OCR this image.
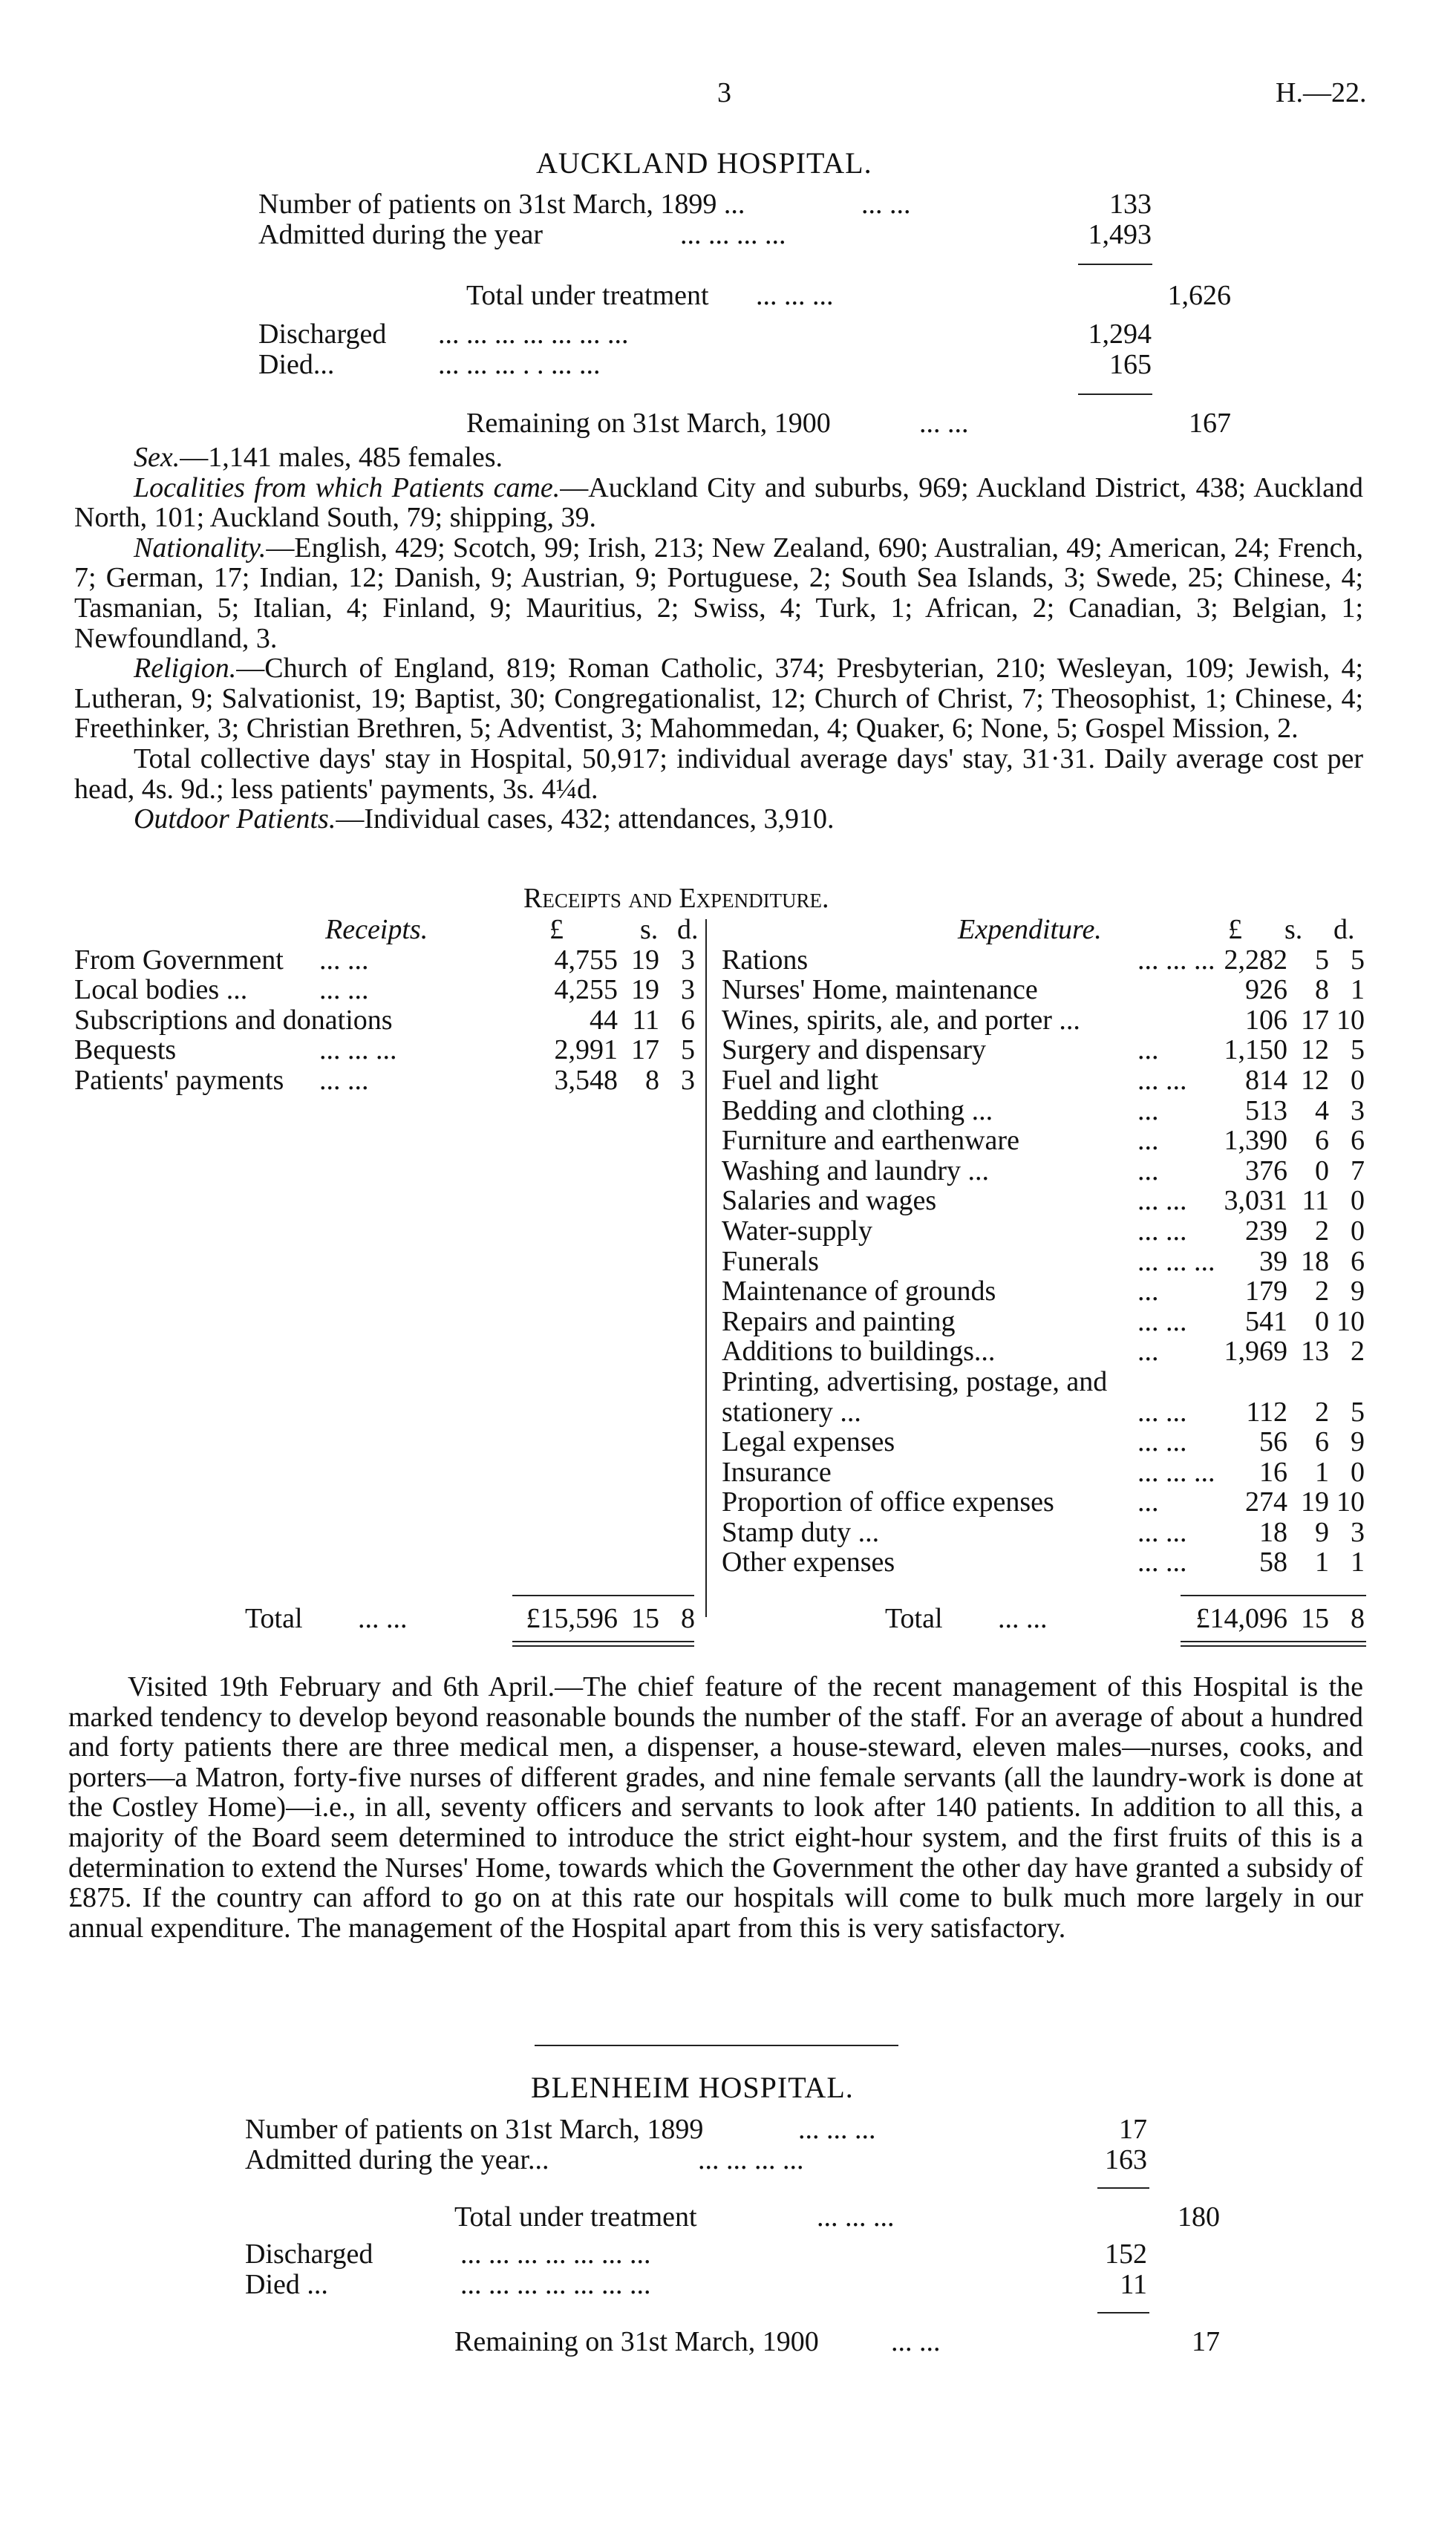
3	H.—22.
AUCKLAND HOSPITAL.
Number of patients on 31st March, 1899 ...	... ...	133
Admitted during the year	... ... ... ...	1,493
Total under treatment ... ... ...	1,626
Discharged ... ... ... ... ... ... ...	1,294
Died...	... ... ... . . ... ...	165
Remaining on 31st March, 1900	... ...	167

Sex.—1,141 males, 485 females.

Localities from which Patients came.—Auckland City and suburbs, 969; Auckland District, 438; Auckland North, 101; Auckland South, 79; shipping, 39.

Nationality.—English, 429; Scotch, 99; Irish, 213; New Zealand, 690; Australian, 49; American, 24; French, 7; German, 17; Indian, 12; Danish, 9; Austrian, 9; Portuguese, 2; South Sea Islands, 3; Swede, 25; Chinese, 4; Tasmanian, 5; Italian, 4; Finland, 9; Mauritius, 2; Swiss, 4; Turk, 1; African, 2; Canadian, 3; Belgian, 1; Newfoundland, 3.

Religion.—Church of England, 819; Roman Catholic, 374; Presbyterian, 210; Wesleyan, 109; Jewish, 4; Lutheran, 9; Salvationist, 19; Baptist, 30; Congregationalist, 12; Church of Christ, 7; Theosophist, 1; Chinese, 4; Freethinker, 3; Christian Brethren, 5; Adventist, 3; Mahommedan, 4; Quaker, 6; None, 5; Gospel Mission, 2.

Total collective days' stay in Hospital, 50,917; individual average days' stay, 31·31. Daily average cost per head, 4s. 9d.; less patients' payments, 3s. 4¼d.

Outdoor Patients.—Individual cases, 432; attendances, 3,910.

Receipts and Expenditure.
Receipts.	£	s. d.
From Government ... ...	4,755 19 3
Local bodies ...	... ...	4,255 19 3
Subscriptions and donations	44 11 6
Bequests	... ... ...	2,991 17 5
Patients' payments ... ...	3,548 8 3
Expenditure.	£ s. d.
Rations	... ... ... 2,282 5 5
Nurses' Home, maintenance	926 8 1
Wines, spirits, ale, and porter ...	106 17 10
Surgery and dispensary	... 1,150 12 5
Fuel and light	... ... 814 12 0
Bedding and clothing ...	...	513 4 3
Furniture and earthenware	... 1,390 6 6
Washing and laundry ...	...	376 0 7
Salaries and wages	... ... 3,031 11 0
Water-supply	... ... 239 2 0
Funerals	... ... ... 39 18 6
Maintenance of grounds	...	179 2 9
Repairs and painting	... ... 541 0 10
Additions to buildings...	... 1,969 13 2
Printing, advertising, postage, and
stationery ...	... ... 112 2 5
Legal expenses	... ...	56 6 9
Insurance	... ... ... 16 1 0
Proportion of office expenses	...	274 19 10
Stamp duty ...	... ...	18 9 3
Other expenses	... ...	58 1 1
Total ... ...	£15,596 15 8	Total ... ...	£14,096 15 8

Visited 19th February and 6th April.—The chief feature of the recent management of this Hospital is the marked tendency to develop beyond reasonable bounds the number of the staff. For an average of about a hundred and forty patients there are three medical men, a dispenser, a house-steward, eleven males—nurses, cooks, and porters—a Matron, forty-five nurses of different grades, and nine female servants (all the laundry-work is done at the Costley Home)—i.e., in all, seventy officers and servants to look after 140 patients. In addition to all this, a majority of the Board seem determined to introduce the strict eight-hour system, and the first fruits of this is a determination to extend the Nurses' Home, towards which the Government the other day have granted a subsidy of £875. If the country can afford to go on at this rate our hospitals will come to bulk much more largely in our annual expenditure. The management of the Hospital apart from this is very satisfactory.

BLENHEIM HOSPITAL.
Number of patients on 31st March, 1899	... ... ...	17
Admitted during the year...	... ... ... ...	163
Total under treatment	... ... ...	180
Discharged	... ... ... ... ... ... ...	152
Died ...	... ... ... ... ... ... ...	11
Remaining on 31st March, 1900	... ...	17
